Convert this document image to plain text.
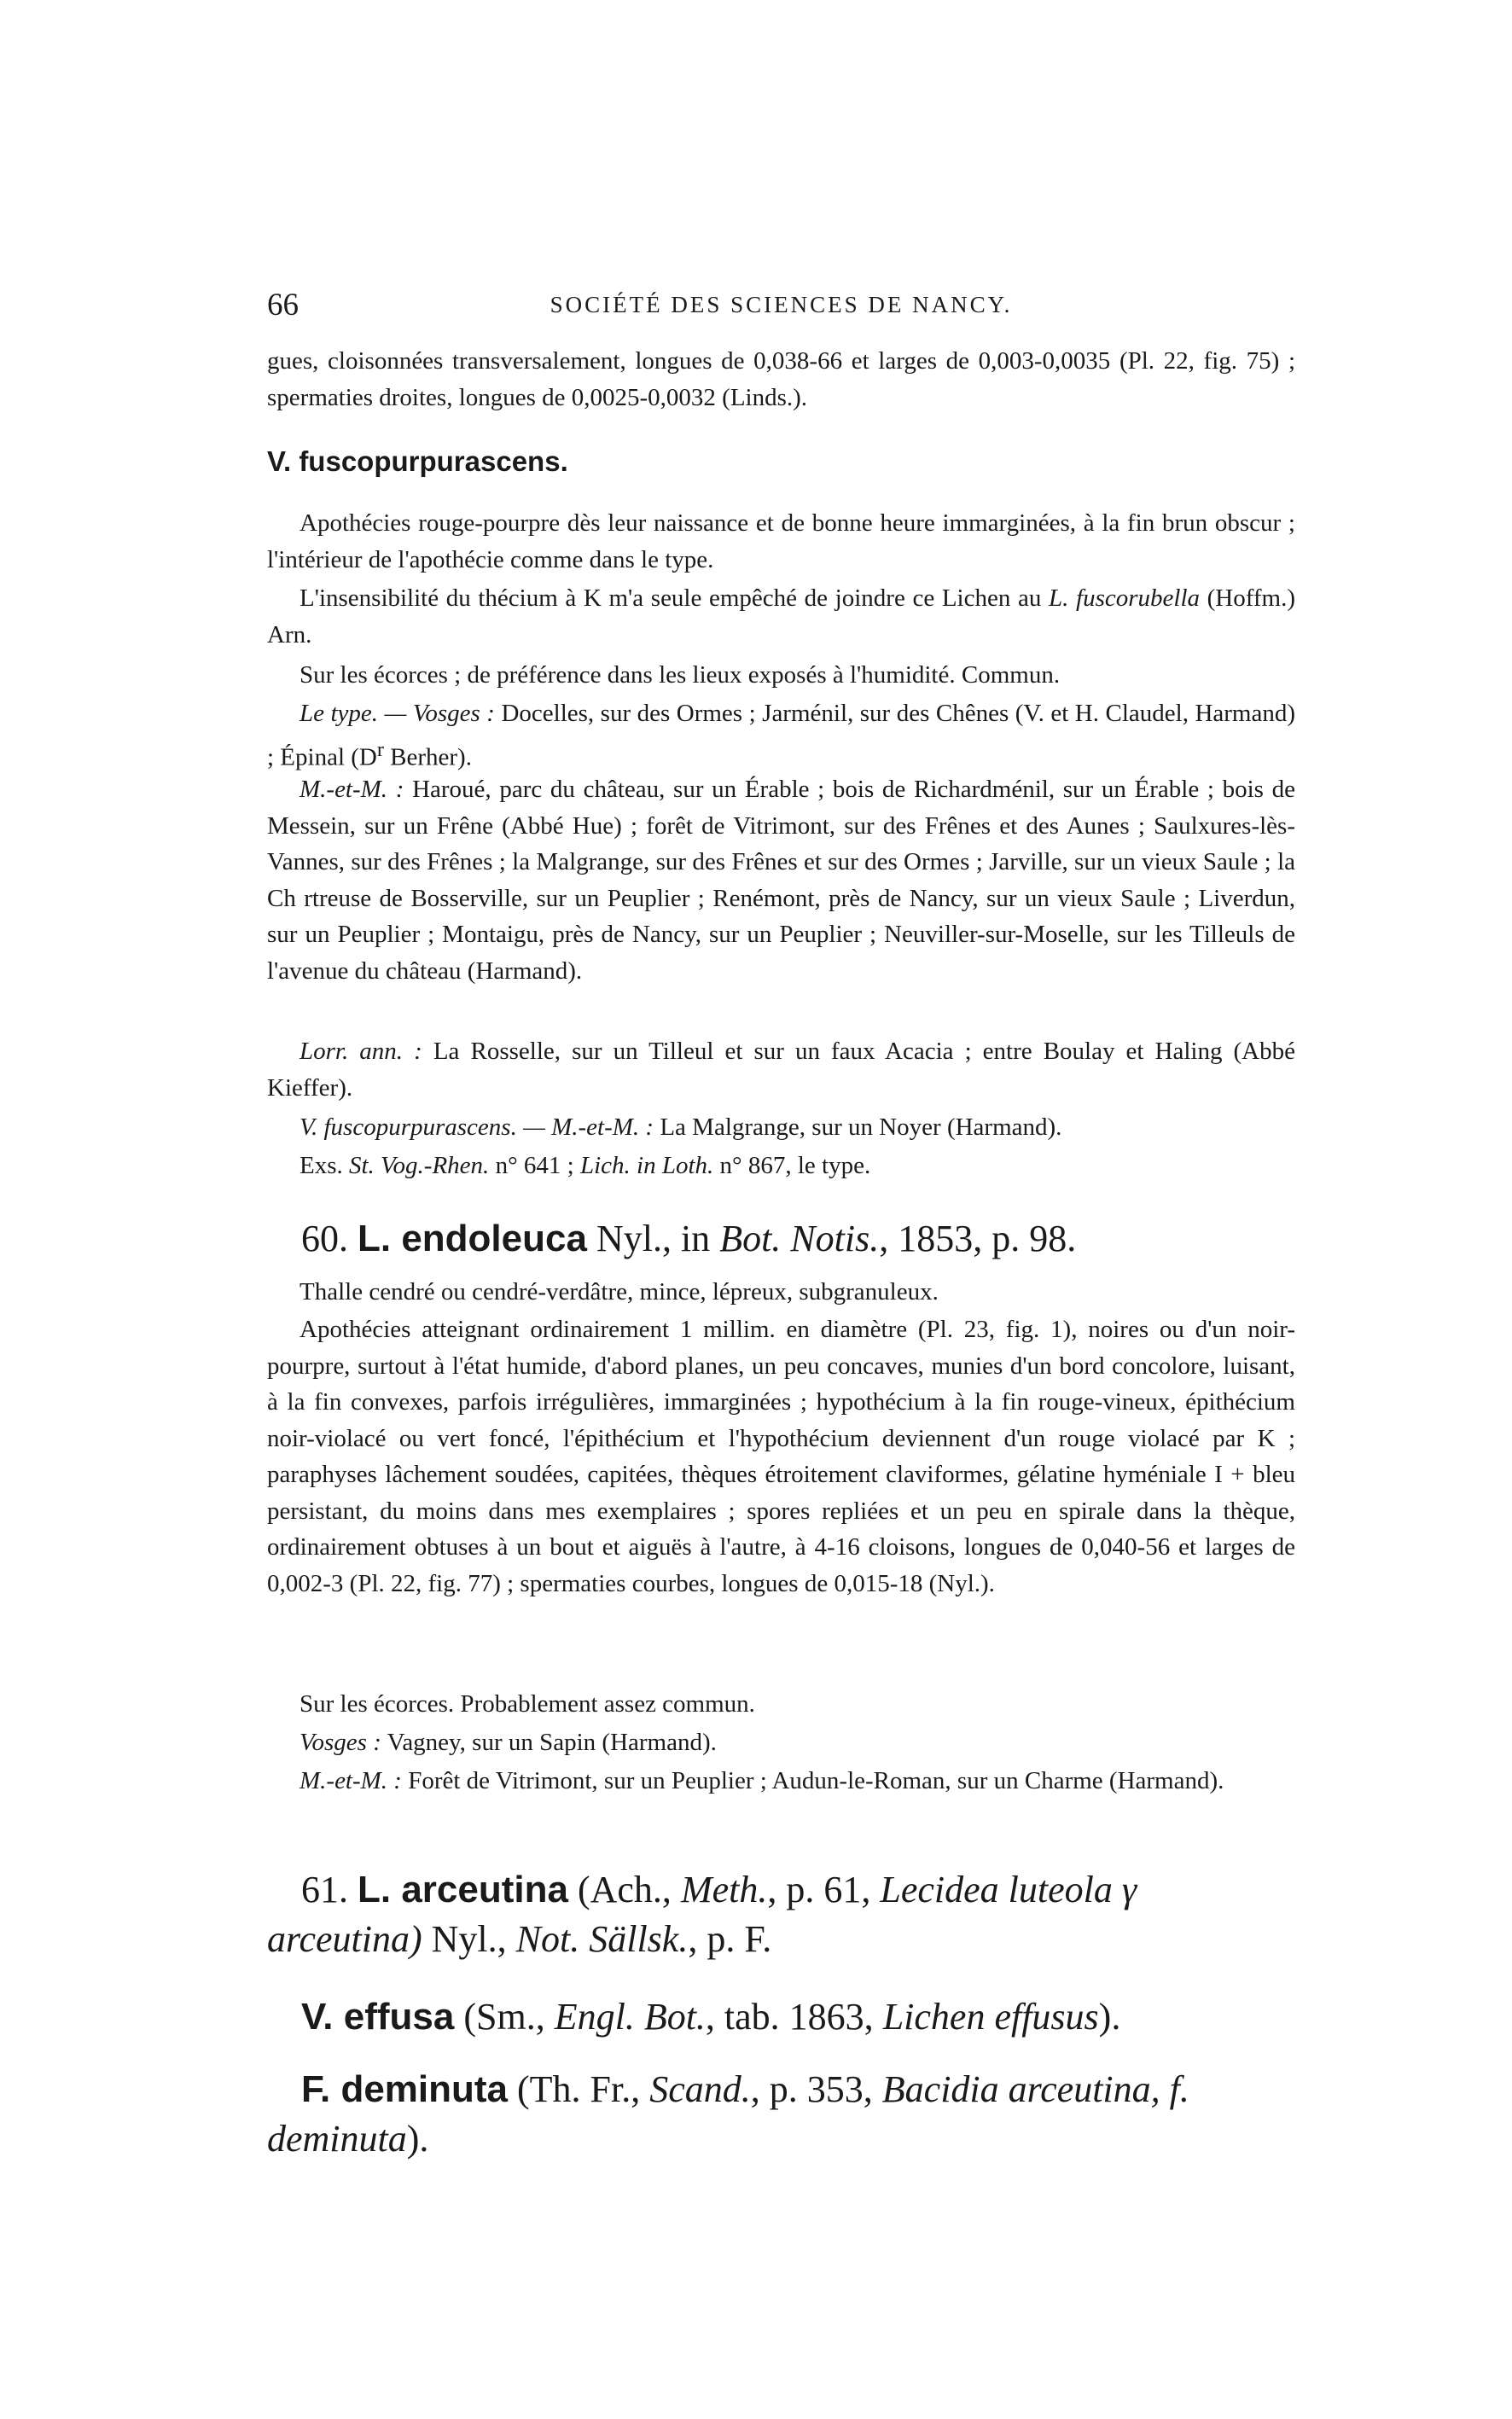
66	SOCIÉTÉ DES SCIENCES DE NANCY.

gues, cloisonnées transversalement, longues de 0,038-66 et larges de 0,003-0,0035 (Pl. 22, fig. 75) ; spermaties droites, longues de 0,0025-0,0032 (Linds.).

V. fuscopurpurascens.

Apothécies rouge-pourpre dès leur naissance et de bonne heure immarginées, à la fin brun obscur ; l'intérieur de l'apothécie comme dans le type.

L'insensibilité du thécium à K m'a seule empêché de joindre ce Lichen au L. fuscorubella (Hoffm.) Arn.

Sur les écorces ; de préférence dans les lieux exposés à l'humidité. Commun.

Le type. — Vosges : Docelles, sur des Ormes ; Jarménil, sur des Chênes (V. et H. Claudel, Harmand) ; Épinal ($D^r$ Berher).

M.-et-M. : Haroué, parc du château, sur un Érable ; bois de Richardménil, sur un Érable ; bois de Messein, sur un Frêne (Abbé Hue) ; forêt de Vitrimont, sur des Frênes et des Aunes ; Saulxures-lès-Vannes, sur des Frênes ; la Malgrange, sur des Frênes et sur des Ormes ; Jarville, sur un vieux Saule ; la Ch rtreuse de Bosserville, sur un Peuplier ; Renémont, près de Nancy, sur un vieux Saule ; Liverdun, sur un Peuplier ; Montaigu, près de Nancy, sur un Peuplier ; Neuviller-sur-Moselle, sur les Tilleuls de l'avenue du château (Harmand).

Lorr. ann. : La Rosselle, sur un Tilleul et sur un faux Acacia ; entre Boulay et Haling (Abbé Kieffer).

V. fuscopurpurascens. — M.-et-M. : La Malgrange, sur un Noyer (Harmand).

Exs. St. Vog.-Rhen. n° 641 ; Lich. in Loth. n° 867, le type.

60. L. endoleuca Nyl., in Bot. Notis., 1853, p. 98.

Thalle cendré ou cendré-verdâtre, mince, lépreux, subgranuleux.

Apothécies atteignant ordinairement 1 millim. en diamètre (Pl. 23, fig. 1), noires ou d'un noir-pourpre, surtout à l'état humide, d'abord planes, un peu concaves, munies d'un bord concolore, luisant, à la fin convexes, parfois irrégulières, immarginées ; hypothécium à la fin rouge-vineux, épithécium noir-violacé ou vert foncé, l'épithécium et l'hypothécium deviennent d'un rouge violacé par K ; paraphyses lâchement soudées, capitées, thèques étroitement claviformes, gélatine hyméniale I + bleu persistant, du moins dans mes exemplaires ; spores repliées et un peu en spirale dans la thèque, ordinairement obtuses à un bout et aiguës à l'autre, à 4-16 cloisons, longues de 0,040-56 et larges de 0,002-3 (Pl. 22, fig. 77) ; spermaties courbes, longues de 0,015-18 (Nyl.).

Sur les écorces. Probablement assez commun.

Vosges : Vagney, sur un Sapin (Harmand).

M.-et-M. : Forêt de Vitrimont, sur un Peuplier ; Audun-le-Roman, sur un Charme (Harmand).

61. L. arceutina (Ach., Meth., p. 61, Lecidea luteola γ arceutina) Nyl., Not. Sällsk., p. F.

V. effusa (Sm., Engl. Bot., tab. 1863, Lichen effusus).

F. deminuta (Th. Fr., Scand., p. 353, Bacidia arceutina, f. deminuta).
